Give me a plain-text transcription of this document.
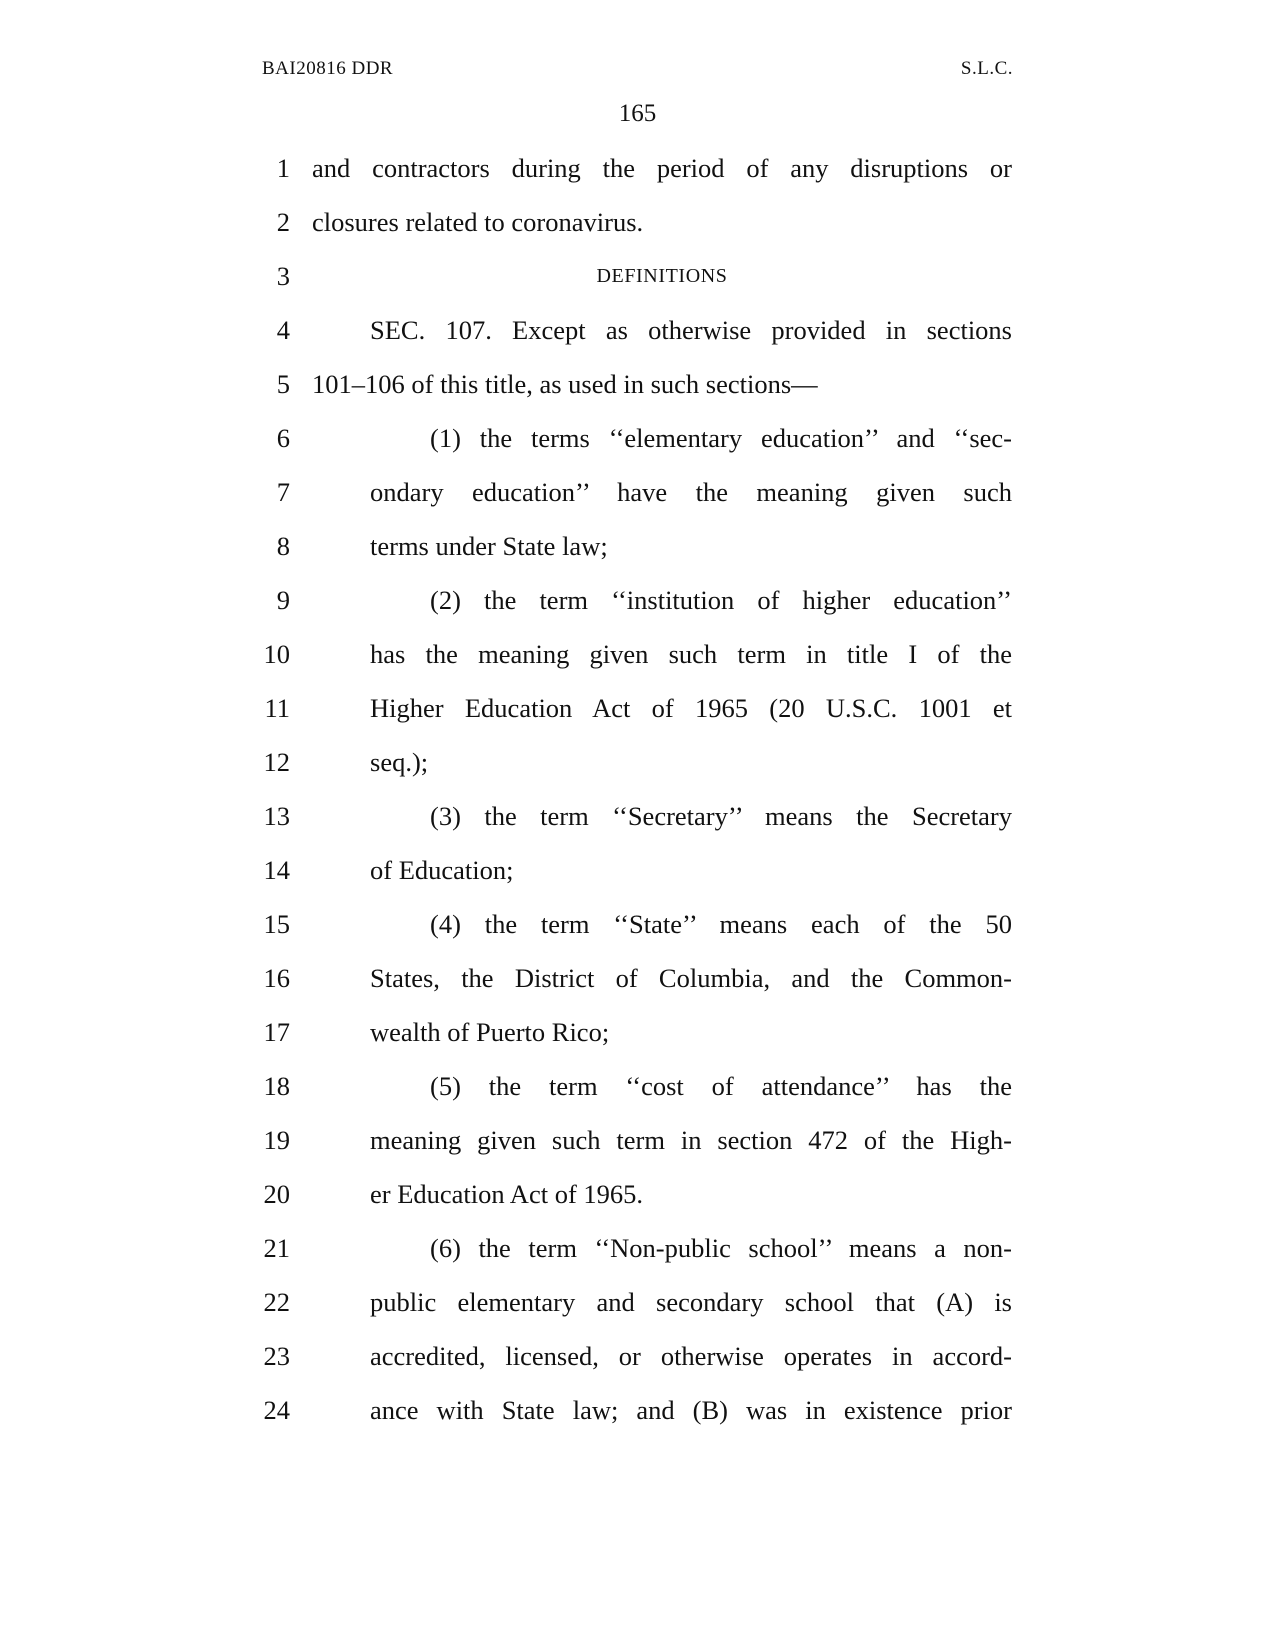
BAI20816 DDR	S.L.C.
165
1 and contractors during the period of any disruptions or
2 closures related to coronavirus.
3	DEFINITIONS
4	SEC. 107. Except as otherwise provided in sections
5 101–106 of this title, as used in such sections—
6	(1) the terms ‘‘elementary education’’ and ‘‘sec-
7	ondary education’’ have the meaning given such
8	terms under State law;
9	(2) the term ‘‘institution of higher education’’
10	has the meaning given such term in title I of the
11	Higher Education Act of 1965 (20 U.S.C. 1001 et
12	seq.);
13	(3) the term ‘‘Secretary’’ means the Secretary
14	of Education;
15	(4) the term ‘‘State’’ means each of the 50
16	States, the District of Columbia, and the Common-
17	wealth of Puerto Rico;
18	(5) the term ‘‘cost of attendance’’ has the
19	meaning given such term in section 472 of the High-
20	er Education Act of 1965.
21	(6) the term ‘‘Non-public school’’ means a non-
22	public elementary and secondary school that (A) is
23	accredited, licensed, or otherwise operates in accord-
24	ance with State law; and (B) was in existence prior
